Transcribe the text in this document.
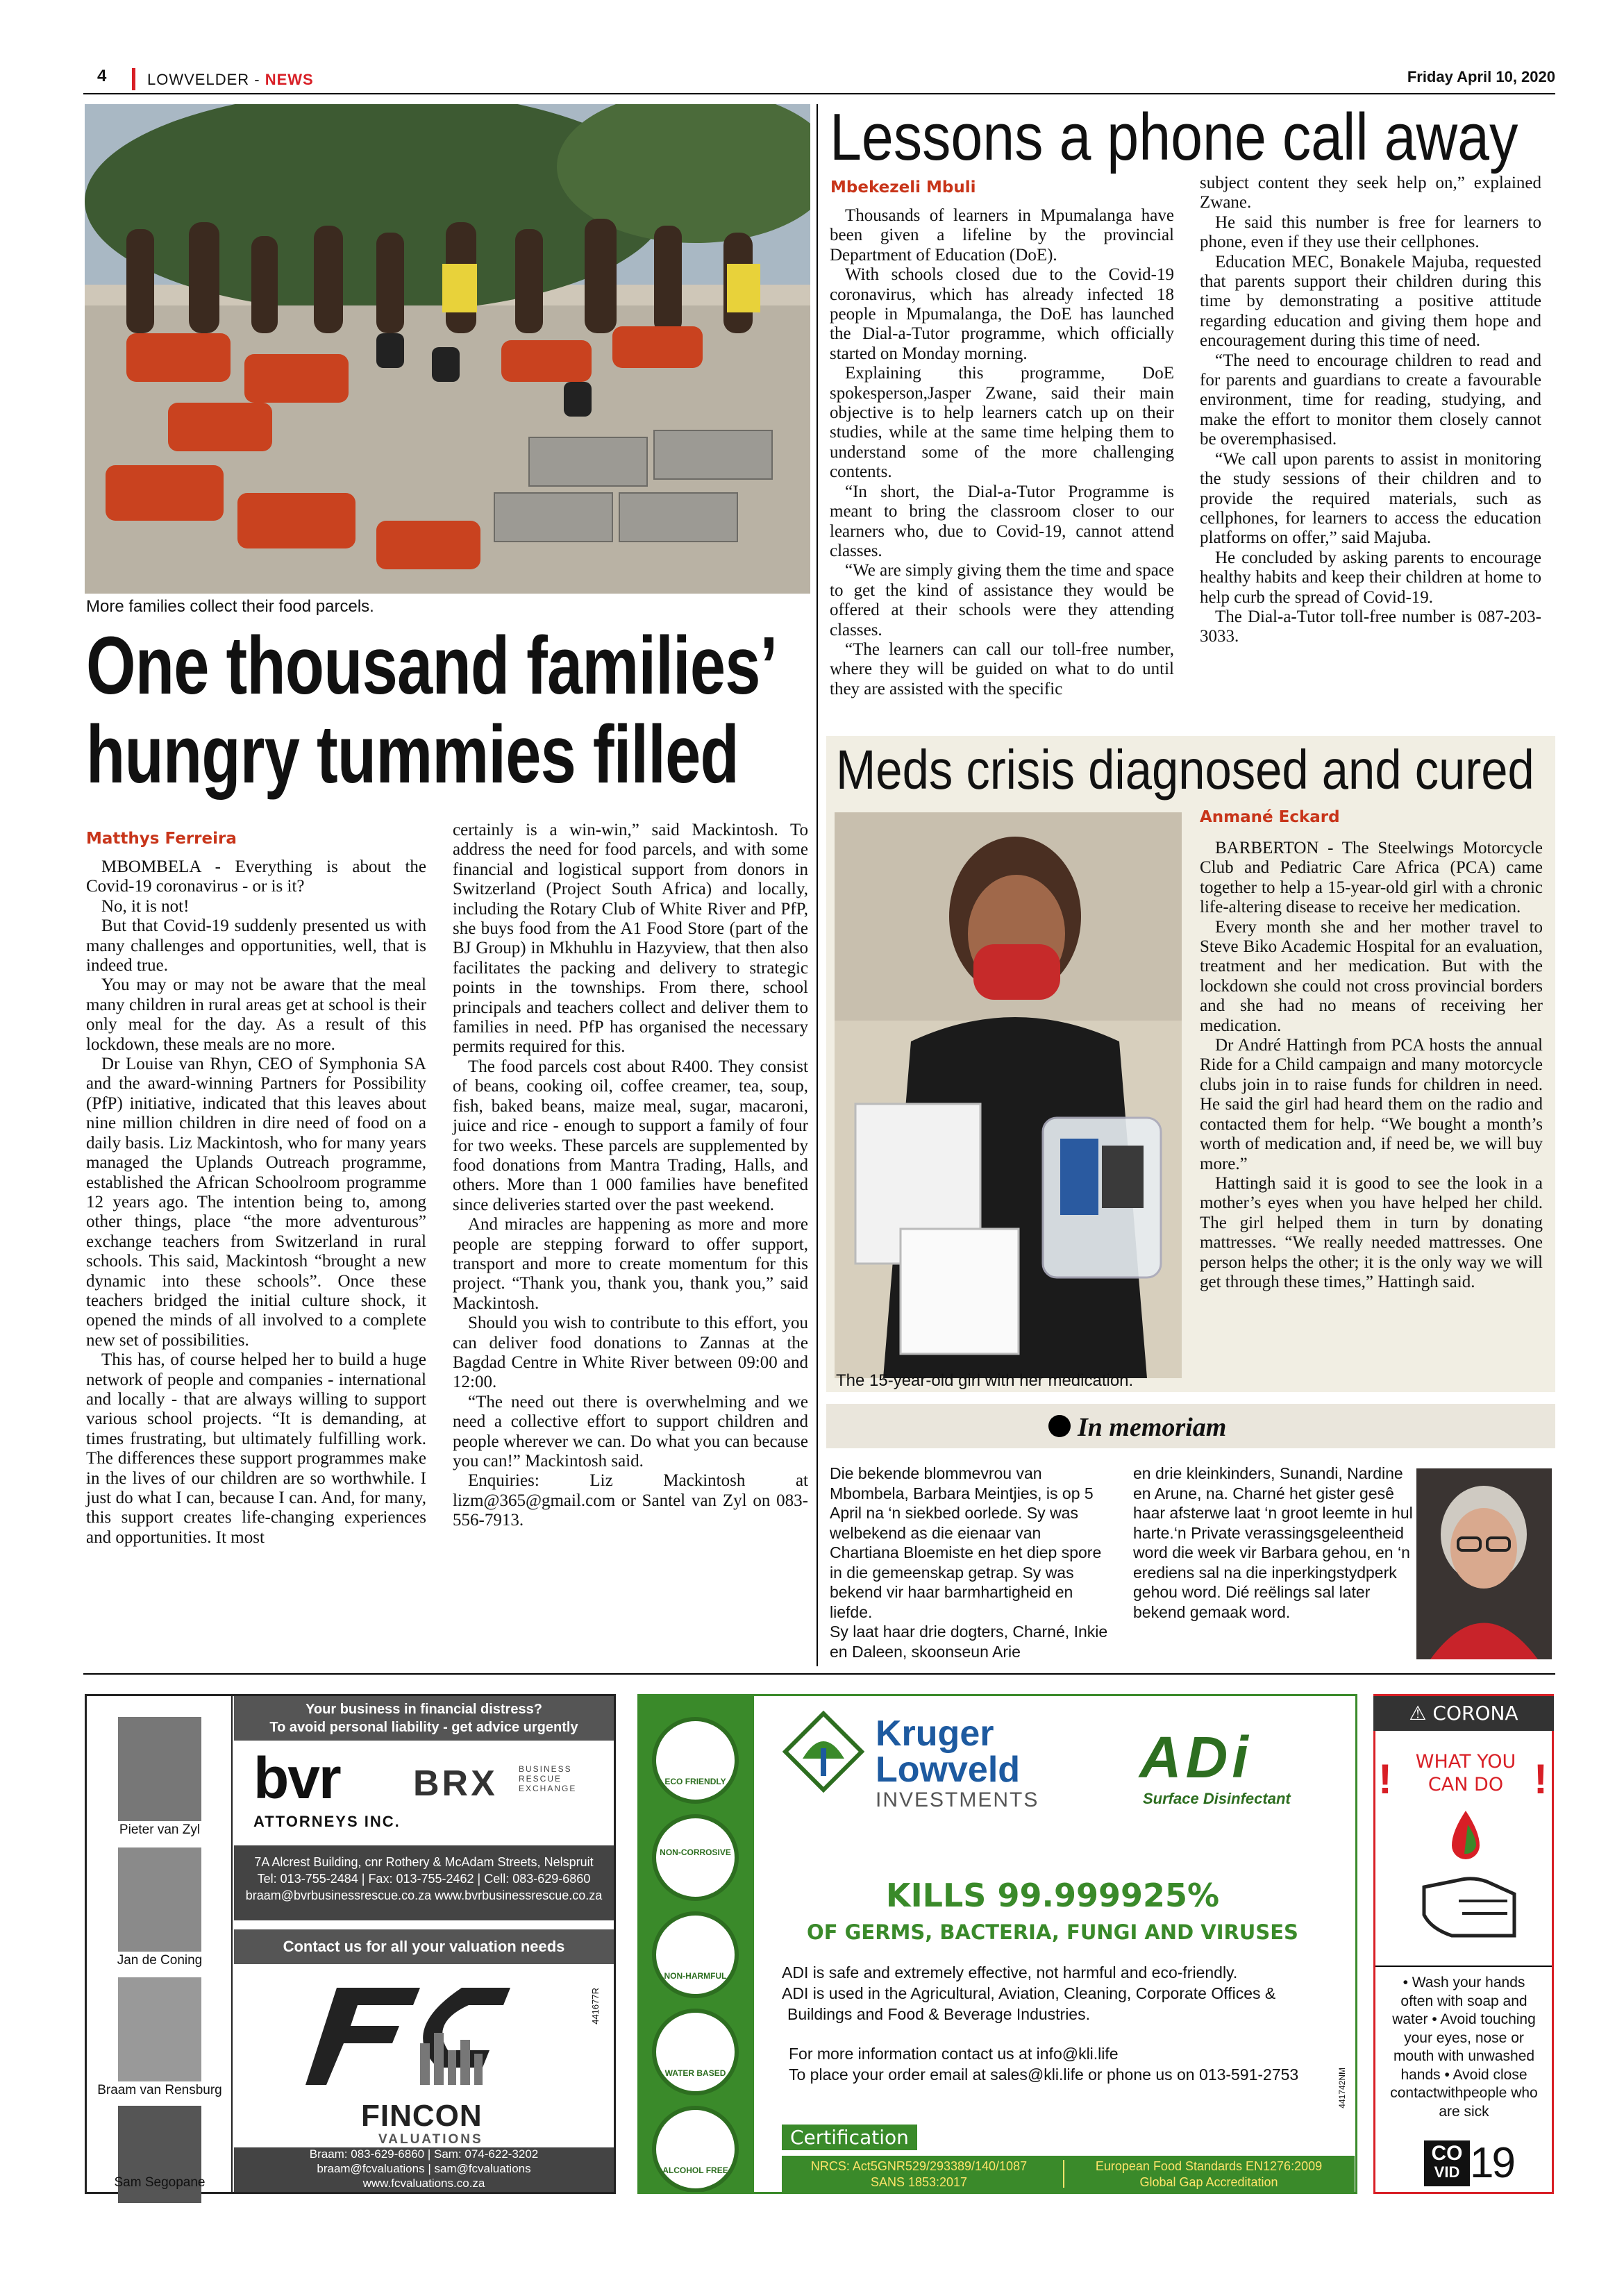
4	LOWVELDER - NEWS	Friday April 10, 2020
More families collect their food parcels.
One thousand families’
hungry tummies filled
Matthys Ferreira

MBOMBELA - Everything is about the Covid-19 coronavirus - or is it?

No, it is not!

But that Covid-19 suddenly presented us with many challenges and opportunities, well, that is indeed true.

You may or may not be aware that the meal many children in rural areas get at school is their only meal for the day. As a result of this lockdown, these meals are no more.

Dr Louise van Rhyn, CEO of Symphonia SA and the award-winning Partners for Possibility (PfP) initiative, indicated that this leaves about nine million children in dire need of food on a daily basis. Liz Mackintosh, who for many years managed the Uplands Outreach programme, established the African Schoolroom programme 12 years ago. The intention being to, among other things, place “the more adventurous” exchange teachers from Switzerland in rural schools. This said, Mackintosh “brought a new dynamic into these schools”. Once these teachers bridged the initial culture shock, it opened the minds of all involved to a complete new set of possibilities.

This has, of course helped her to build a huge network of people and companies - international and locally - that are always willing to support various school projects. “It is demanding, at times frustrating, but ultimately fulfilling work. The differences these support programmes make in the lives of our children are so worthwhile. I just do what I can, because I can. And, for many, this support creates life-changing experiences and opportunities. It most

certainly is a win-win,” said Mackintosh. To address the need for food parcels, and with some financial and logistical support from donors in Switzerland (Project South Africa) and locally, including the Rotary Club of White River and PfP, she buys food from the A1 Food Store (part of the BJ Group) in Mkhuhlu in Hazyview, that then also facilitates the packing and delivery to strategic points in the townships. From there, school principals and teachers collect and deliver them to families in need. PfP has organised the necessary permits required for this.

The food parcels cost about R400. They consist of beans, cooking oil, coffee creamer, tea, soup, fish, baked beans, maize meal, sugar, macaroni, juice and rice - enough to support a family of four for two weeks. These parcels are supplemented by food donations from Mantra Trading, Halls, and others. More than 1 000 families have benefited since deliveries started over the past weekend.

And miracles are happening as more and more people are stepping forward to offer support, transport and more to create momentum for this project. “Thank you, thank you, thank you,” said Mackintosh.

Should you wish to contribute to this effort, you can deliver food donations to Zannas at the Bagdad Centre in White River between 09:00 and 12:00.

“The need out there is overwhelming and we need a collective effort to support children and people wherever we can. Do what you can because you can!” Mackintosh said.

Enquiries: Liz Mackintosh at lizm@365@gmail.com or Santel van Zyl on 083-556-7913.

Lessons a phone call away
Mbekezeli Mbuli

Thousands of learners in Mpumalanga have been given a lifeline by the provincial Department of Education (DoE).

With schools closed due to the Covid-19 coronavirus, which has already infected 18 people in Mpumalanga, the DoE has launched the Dial-a-Tutor programme, which officially started on Monday morning.

Explaining this programme, DoE spokesperson,Jasper Zwane, said their main objective is to help learners catch up on their studies, while at the same time helping them to understand some of the more challenging contents.

“In short, the Dial-a-Tutor Programme is meant to bring the classroom closer to our learners who, due to Covid-19, cannot attend classes.

“We are simply giving them the time and space to get the kind of assistance they would be offered at their schools were they attending classes.

“The learners can call our toll-free number, where they will be guided on what to do until they are assisted with the specific

subject content they seek help on,” explained Zwane.

He said this number is free for learners to phone, even if they use their cellphones.

Education MEC, Bonakele Majuba, requested that parents support their children during this time by demonstrating a positive attitude regarding education and giving them hope and encouragement during this time of need.

“The need to encourage children to read and for parents and guardians to create a favourable environment, time for reading, studying, and make the effort to monitor them closely cannot be overemphasised.

“We call upon parents to assist in monitoring the study sessions of their children and to provide the required materials, such as cellphones, for learners to access the education platforms on offer,” said Majuba.

He concluded by asking parents to encourage healthy habits and keep their children at home to help curb the spread of Covid-19.

The Dial-a-Tutor toll-free number is 087-203-3033.

Meds crisis diagnosed and cured
The 15-year-old girl with her medication.
Anmané Eckard

BARBERTON - The Steelwings Motorcycle Club and Pediatric Care Africa (PCA) came together to help a 15-year-old girl with a chronic life-altering disease to receive her medication.

Every month she and her mother travel to Steve Biko Academic Hospital for an evaluation, treatment and her medication. But with the lockdown she could not cross provincial borders and she had no means of receiving her medication.

Dr André Hattingh from PCA hosts the annual Ride for a Child campaign and many motorcycle clubs join in to raise funds for children in need. He said the girl had heard them on the radio and contacted them for help. “We bought a month’s worth of medication and, if need be, we will buy more.”

Hattingh said it is good to see the look in a mother’s eyes when you have helped her child. The girl helped them in turn by donating mattresses. “We really needed mattresses. One person helps the other; it is the only way we will get through these times,” Hattingh said.

In memoriam
Die bekende blommevrou van Mbombela, Barbara Meintjies, is op 5 April na ‘n siekbed oorlede. Sy was welbekend as die eienaar van Chartiana Bloemiste en het diep spore in die gemeenskap getrap. Sy was bekend vir haar barmhartigheid en liefde.
Sy laat haar drie dogters, Charné, Inkie en Daleen, skoonseun Arie
en drie kleinkinders, Sunandi, Nardine en Arune, na. Charné het gister gesê haar afsterwe laat ‘n groot leemte in hul harte.‘n Private verassingsgeleentheid word die week vir Barbara gehou, en ‘n erediens sal na die inperkingstydperk gehou word. Dié reëlings sal later bekend gemaak word.
Pieter van Zyl
Jan de Coning
Braam van Rensburg
Sam Segopane
Your business in financial distress?
To avoid personal liability - get advice urgently
bvr
ATTORNEYS INC.
BRX	BUSINESS
RESCUE
EXCHANGE
7A Alcrest Building, cnr Rothery & McAdam Streets, Nelspruit
Tel: 013-755-2484 | Fax: 013-755-2462 | Cell: 083-629-6860
braam@bvrbusinessrescue.co.za www.bvrbusinessrescue.co.za
Contact us for all your valuation needs
441677R
FINCON
VALUATIONS
Braam: 083-629-6860 | Sam: 074-622-3202
braam@fcvaluations | sam@fcvaluations
www.fcvaluations.co.za
ECO FRIENDLY
NON-CORROSIVE
NON-HARMFUL
WATER BASED
ALCOHOL FREE
Kruger
Lowveld
INVESTMENTS
ADi
Surface Disinfectant
KILLS 99.999925%
OF GERMS, BACTERIA, FUNGI AND VIRUSES
ADI is safe and extremely effective, not harmful and eco-friendly.
ADI is used in the Agricultural, Aviation, Cleaning, Corporate Offices &
Buildings and Food & Beverage Industries.
For more information contact us at info@kli.life
To place your order email at sales@kli.life or phone us on 013-591-2753	441742NM
Certification
NRCS: Act5GNR529/293389/140/1087
SANS 1853:2017
European Food Standards EN1276:2009
Global Gap Accreditation
⚠ CORONA
!	!
WHAT YOU CAN DO
• Wash your hands often with soap and water • Avoid touching your eyes, nose or mouth with unwashed hands • Avoid close contactwithpeople who are sick
CO
VID 19
